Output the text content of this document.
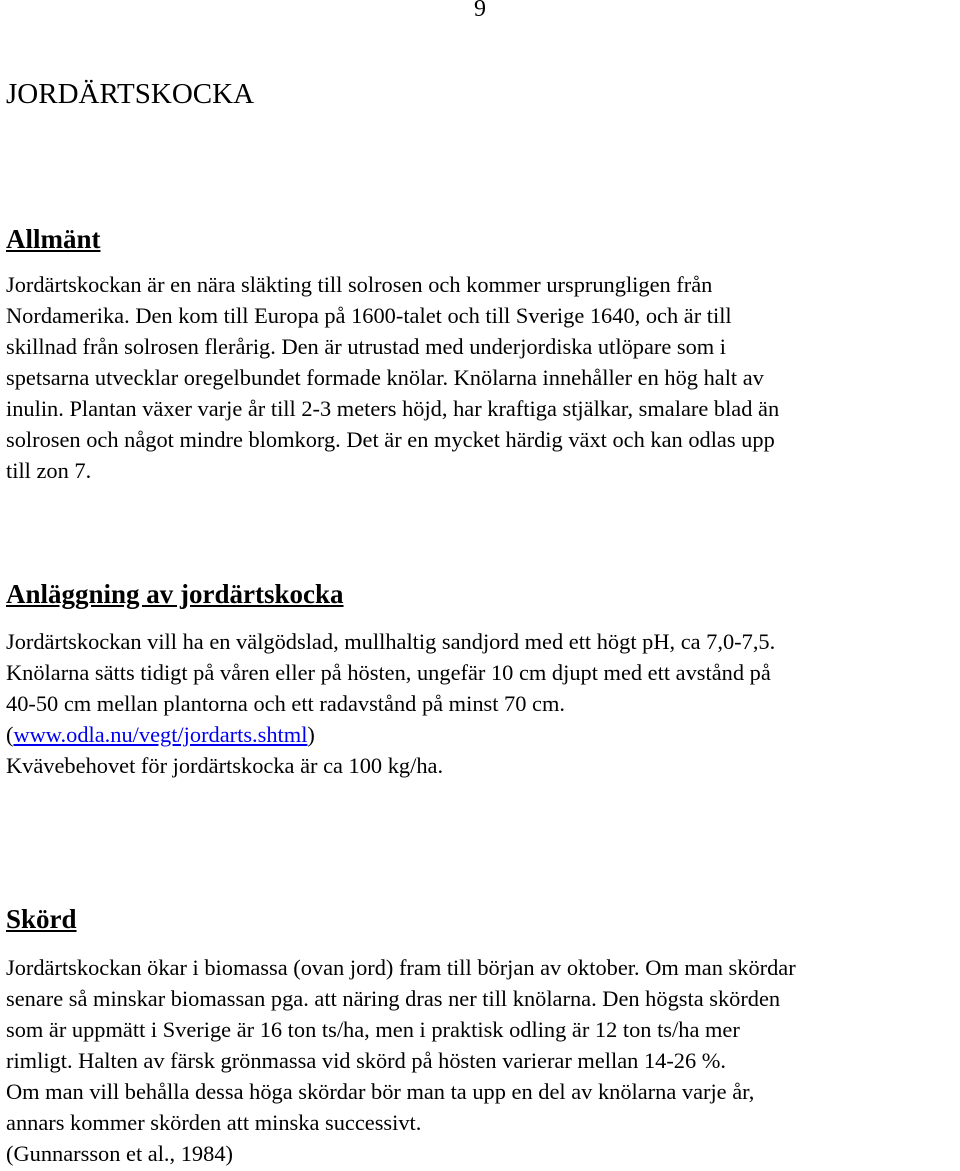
9
JORDÄRTSKOCKA
Allmänt
Jordärtskockan är en nära släkting till solrosen och kommer ursprungligen från
Nordamerika. Den kom till Europa på 1600-talet och till Sverige 1640, och är till
skillnad från solrosen flerårig. Den är utrustad med underjordiska utlöpare som i
spetsarna utvecklar oregelbundet formade knölar. Knölarna innehåller en hög halt av
inulin. Plantan växer varje år till 2-3 meters höjd, har kraftiga stjälkar, smalare blad än
solrosen och något mindre blomkorg. Det är en mycket härdig växt och kan odlas upp
till zon 7.
Anläggning av jordärtskocka
Jordärtskockan vill ha en välgödslad, mullhaltig sandjord med ett högt pH, ca 7,0-7,5.
Knölarna sätts tidigt på våren eller på hösten, ungefär 10 cm djupt med ett avstånd på
40-50 cm mellan plantorna och ett radavstånd på minst 70 cm.
(www.odla.nu/vegt/jordarts.shtml)
Kvävebehovet för jordärtskocka är ca 100 kg/ha.
Skörd
Jordärtskockan ökar i biomassa (ovan jord) fram till början av oktober. Om man skördar
senare så minskar biomassan pga. att näring dras ner till knölarna. Den högsta skörden
som är uppmätt i Sverige är 16 ton ts/ha, men i praktisk odling är 12 ton ts/ha mer
rimligt. Halten av färsk grönmassa vid skörd på hösten varierar mellan 14-26 %.
Om man vill behålla dessa höga skördar bör man ta upp en del av knölarna varje år,
annars kommer skörden att minska successivt.
(Gunnarsson et al., 1984)
